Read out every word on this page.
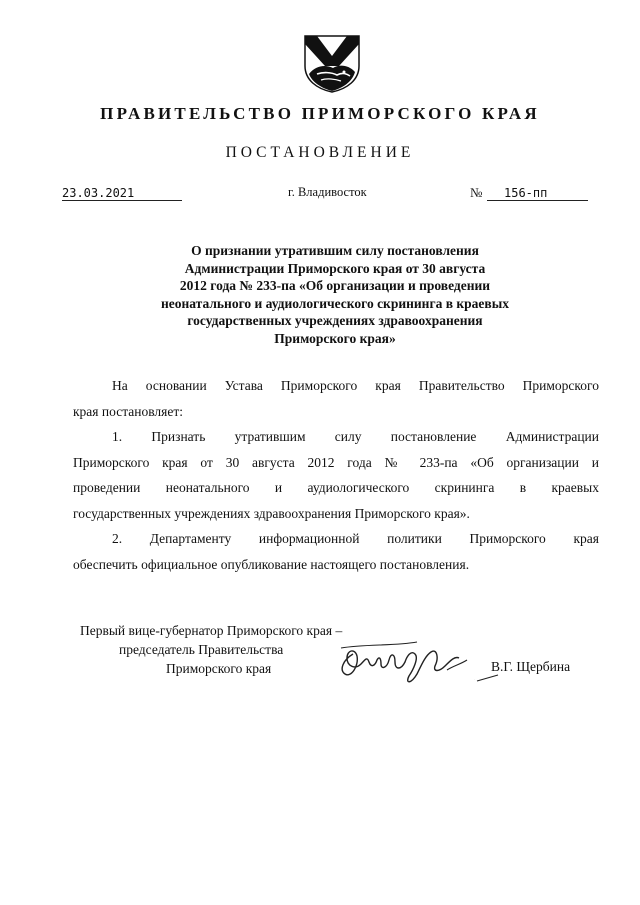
ПРАВИТЕЛЬСТВО ПРИМОРСКОГО КРАЯ
ПОСТАНОВЛЕНИЕ
23.03.2021	г. Владивосток	№	156-пп
О признании утратившим силу постановления
Администрации Приморского края от 30 августа
2012 года № 233-па «Об организации и проведении
неонатального и аудиологического скрининга в краевых
государственных учреждениях здравоохранения
Приморского края»
На основании Устава Приморского края Правительство Приморского
края постановляет:
1. Признать утратившим силу постановление Администрации
Приморского края от 30 августа 2012 года № 233-па «Об организации и
проведении неонатального и аудиологического скрининга в краевых
государственных учреждениях здравоохранения Приморского края».
2. Департаменту информационной политики Приморского края
обеспечить официальное опубликование настоящего постановления.
Первый вице-губернатор Приморского края –
председатель Правительства
Приморского края	В.Г. Щербина
